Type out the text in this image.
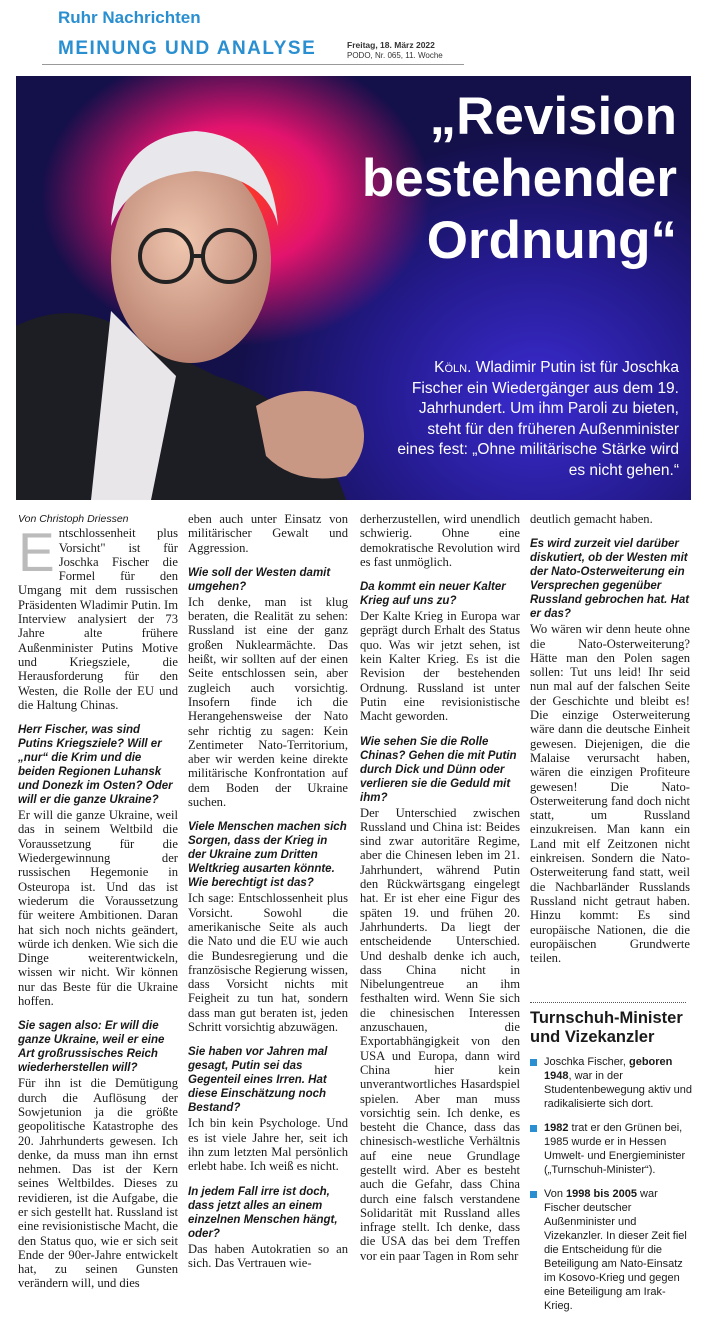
Ruhr Nachrichten
MEINUNG UND ANALYSE	Freitag, 18. März 2022
PODO, Nr. 065, 11. Woche
„Revision
bestehender
Ordnung“
Köln. Wladimir Putin ist für Joschka Fischer ein Wiedergänger aus dem 19. Jahrhundert. Um ihm Paroli zu bieten, steht für den früheren Außenminister eines fest: „Ohne militärische Stärke wird es nicht gehen.“

Von Christoph Driessen

Entschlossenheit plus Vorsicht" ist für Joschka Fischer die Formel für den Umgang mit dem russischen Präsidenten Wladimir Putin. Im Interview analysiert der 73 Jahre alte frühere Außenminister Putins Motive und Kriegsziele, die Herausforderung für den Westen, die Rolle der EU und die Haltung Chinas.

Herr Fischer, was sind Putins Kriegsziele? Will er „nur“ die Krim und die beiden Regionen Luhansk und Donezk im Osten? Oder will er die ganze Ukraine?

Er will die ganze Ukraine, weil das in seinem Weltbild die Voraussetzung für die Wiedergewinnung der russischen Hegemonie in Osteuropa ist. Und das ist wiederum die Voraussetzung für weitere Ambitionen. Daran hat sich noch nichts geändert, würde ich denken. Wie sich die Dinge weiterentwickeln, wissen wir nicht. Wir können nur das Beste für die Ukraine hoffen.

Sie sagen also: Er will die ganze Ukraine, weil er eine Art großrussisches Reich wiederherstellen will?

Für ihn ist die Demütigung durch die Auflösung der Sowjetunion ja die größte geopolitische Katastrophe des 20. Jahrhunderts gewesen. Ich denke, da muss man ihn ernst nehmen. Das ist der Kern seines Weltbildes. Dieses zu revidieren, ist die Aufgabe, die er sich gestellt hat. Russland ist eine revisionistische Macht, die den Status quo, wie er sich seit Ende der 90er-Jahre entwickelt hat, zu seinen Gunsten verändern will, und dies

eben auch unter Einsatz von militärischer Gewalt und Aggression.

Wie soll der Westen damit umgehen?

Ich denke, man ist klug beraten, die Realität zu sehen: Russland ist eine der ganz großen Nuklearmächte. Das heißt, wir sollten auf der einen Seite entschlossen sein, aber zugleich auch vorsichtig. Insofern finde ich die Herangehensweise der Nato sehr richtig zu sagen: Kein Zentimeter Nato-Territorium, aber wir werden keine direkte militärische Konfrontation auf dem Boden der Ukraine suchen.

Viele Menschen machen sich Sorgen, dass der Krieg in der Ukraine zum Dritten Weltkrieg ausarten könnte. Wie berechtigt ist das?

Ich sage: Entschlossenheit plus Vorsicht. Sowohl die amerikanische Seite als auch die Nato und die EU wie auch die Bundesregierung und die französische Regierung wissen, dass Vorsicht nichts mit Feigheit zu tun hat, sondern dass man gut beraten ist, jeden Schritt vorsichtig abzuwägen.

Sie haben vor Jahren mal gesagt, Putin sei das Gegenteil eines Irren. Hat diese Einschätzung noch Bestand?

Ich bin kein Psychologe. Und es ist viele Jahre her, seit ich ihn zum letzten Mal persönlich erlebt habe. Ich weiß es nicht.

In jedem Fall irre ist doch, dass jetzt alles an einem einzelnen Menschen hängt, oder?

Das haben Autokratien so an sich. Das Vertrauen wie-

derherzustellen, wird unendlich schwierig. Ohne eine demokratische Revolution wird es fast unmöglich.

Da kommt ein neuer Kalter Krieg auf uns zu?

Der Kalte Krieg in Europa war geprägt durch Erhalt des Status quo. Was wir jetzt sehen, ist kein Kalter Krieg. Es ist die Revision der bestehenden Ordnung. Russland ist unter Putin eine revisionistische Macht geworden.

Wie sehen Sie die Rolle Chinas? Gehen die mit Putin durch Dick und Dünn oder verlieren sie die Geduld mit ihm?

Der Unterschied zwischen Russland und China ist: Beides sind zwar autoritäre Regime, aber die Chinesen leben im 21. Jahrhundert, während Putin den Rückwärtsgang eingelegt hat. Er ist eher eine Figur des späten 19. und frühen 20. Jahrhunderts. Da liegt der entscheidende Unterschied. Und deshalb denke ich auch, dass China nicht in Nibelungentreue an ihm festhalten wird. Wenn Sie sich die chinesischen Interessen anzuschauen, die Exportabhängigkeit von den USA und Europa, dann wird China hier kein unverantwortliches Hasardspiel spielen. Aber man muss vorsichtig sein. Ich denke, es besteht die Chance, dass das chinesisch-westliche Verhältnis auf eine neue Grundlage gestellt wird. Aber es besteht auch die Gefahr, dass China durch eine falsch verstandene Solidarität mit Russland alles infrage stellt. Ich denke, dass die USA das bei dem Treffen vor ein paar Tagen in Rom sehr

deutlich gemacht haben.

Es wird zurzeit viel darüber diskutiert, ob der Westen mit der Nato-Osterweiterung ein Versprechen gegenüber Russland gebrochen hat. Hat er das?

Wo wären wir denn heute ohne die Nato-Osterweiterung? Hätte man den Polen sagen sollen: Tut uns leid! Ihr seid nun mal auf der falschen Seite der Geschichte und bleibt es! Die einzige Osterweiterung wäre dann die deutsche Einheit gewesen. Diejenigen, die die Malaise verursacht haben, wären die einzigen Profiteure gewesen! Die Nato-Osterweiterung fand doch nicht statt, um Russland einzukreisen. Man kann ein Land mit elf Zeitzonen nicht einkreisen. Sondern die Nato-Osterweiterung fand statt, weil die Nachbarländer Russlands Russland nicht getraut haben. Hinzu kommt: Es sind europäische Nationen, die die europäischen Grundwerte teilen.

Turnschuh-Minister
und Vizekanzler
Joschka Fischer, geboren 1948, war in der Studentenbewegung aktiv und radikalisierte sich dort.
1982 trat er den Grünen bei, 1985 wurde er in Hessen Umwelt- und Energieminister („Turnschuh-Minister“).
Von 1998 bis 2005 war Fischer deutscher Außenminister und Vizekanzler. In dieser Zeit fiel die Entscheidung für die Beteiligung am Nato-Einsatz im Kosovo-Krieg und gegen eine Beteiligung am Irak-Krieg.
